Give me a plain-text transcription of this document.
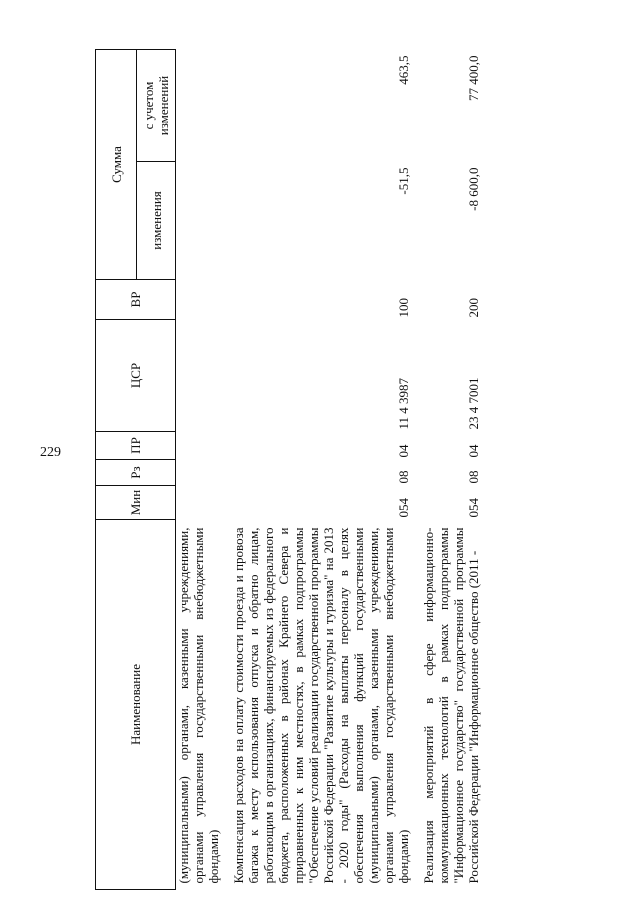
229
Наименование	Мин	Рз	ПР	ЦСР	ВР	Сумма	
						изменения	с учетом изменений
(муниципальными) органами, казенными учреждениями, органами управления государственными внебюджетными фондами)							

Компенсация расходов на оплату стоимости проезда и провоза багажа к месту использования отпуска и обратно лицам, работающим в организациях, финансируемых из федерального бюджета, расположенных в районах Крайнего Севера и приравненных к ним местностях, в рамках подпрограммы "Обеспечение условий реализации государственной программы Российской Федерации "Развитие культуры и туризма" на 2013 - 2020 годы" (Расходы на выплаты персоналу в целях обеспечения выполнения функций государственными (муниципальными) органами, казенными учреждениями, органами управления государственными внебюджетными фондами)	054	08	04	11 4 3987	100	-51,5	463,5

Реализация мероприятий в сфере информационно-коммуникационных технологий в рамках подпрограммы "Информационное государство" государственной программы Российской Федерации "Информационное общество (2011 -	054	08	04	23 4 7001	200	-8 600,0	77 400,0
